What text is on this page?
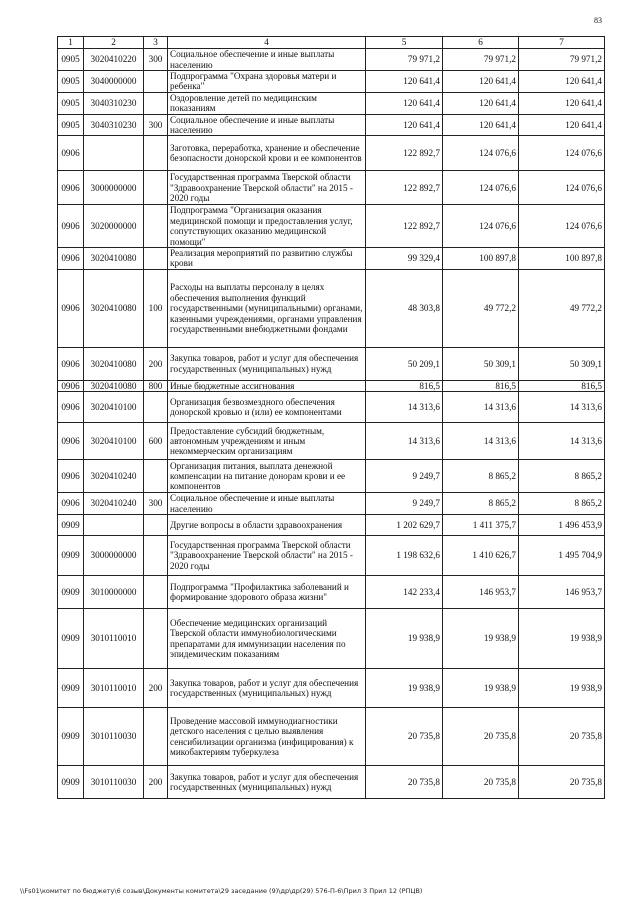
83
1	2	3	4	5	6	7
0905	3020410220	300	Социальное обеспечение и иные выплаты населению	79 971,2	79 971,2	79 971,2
0905	3040000000		Подпрограмма "Охрана здоровья матери и ребенка"	120 641,4	120 641,4	120 641,4
0905	3040310230		Оздоровление детей по медицинским показаниям	120 641,4	120 641,4	120 641,4
0905	3040310230	300	Социальное обеспечение и иные выплаты населению	120 641,4	120 641,4	120 641,4
0906			Заготовка, переработка, хранение и обеспечение безопасности донорской крови и ее компонентов	122 892,7	124 076,6	124 076,6
0906	3000000000		Государственная программа Тверской области "Здравоохранение Тверской области" на 2015 - 2020 годы	122 892,7	124 076,6	124 076,6
0906	3020000000		Подпрограмма "Организация оказания медицинской помощи и предоставления услуг, сопутствующих оказанию медицинской помощи"	122 892,7	124 076,6	124 076,6
0906	3020410080		Реализация мероприятий по развитию службы крови	99 329,4	100 897,8	100 897,8
0906	3020410080	100	Расходы на выплаты персоналу в целях обеспечения выполнения функций государственными (муниципальными) органами, казенными учреждениями, органами управления государственными внебюджетными фондами	48 303,8	49 772,2	49 772,2
0906	3020410080	200	Закупка товаров, работ и услуг для обеспечения государственных (муниципальных) нужд	50 209,1	50 309,1	50 309,1
0906	3020410080	800	Иные бюджетные ассигнования	816,5	816,5	816,5
0906	3020410100		Организация безвозмездного обеспечения донорской кровью и (или) ее компонентами	14 313,6	14 313,6	14 313,6
0906	3020410100	600	Предоставление субсидий бюджетным, автономным учреждениям и иным некоммерческим организациям	14 313,6	14 313,6	14 313,6
0906	3020410240		Организация питания, выплата денежной компенсации на питание донорам крови и ее компонентов	9 249,7	8 865,2	8 865,2
0906	3020410240	300	Социальное обеспечение и иные выплаты населению	9 249,7	8 865,2	8 865,2
0909			Другие вопросы в области здравоохранения	1 202 629,7	1 411 375,7	1 496 453,9
0909	3000000000		Государственная программа Тверской области "Здравоохранение Тверской области" на 2015 - 2020 годы	1 198 632,6	1 410 626,7	1 495 704,9
0909	3010000000		Подпрограмма "Профилактика заболеваний и формирование здорового образа жизни"	142 233,4	146 953,7	146 953,7
0909	3010110010		Обеспечение медицинских организаций Тверской области иммунобиологическими препаратами для иммунизации населения по эпидемическим показаниям	19 938,9	19 938,9	19 938,9
0909	3010110010	200	Закупка товаров, работ и услуг для обеспечения государственных (муниципальных) нужд	19 938,9	19 938,9	19 938,9
0909	3010110030		Проведение массовой иммунодиагностики детского населения с целью выявления сенсибилизации организма (инфицирования) к микобактериям туберкулеза	20 735,8	20 735,8	20 735,8
0909	3010110030	200	Закупка товаров, работ и услуг для обеспечения государственных (муниципальных) нужд	20 735,8	20 735,8	20 735,8
\\Fs01\комитет по бюджету\6 созыв\Документы комитета\29 заседание (9)\др\др(29) 576-П-6\Прил 3 Прил 12 (РПЦВ)
